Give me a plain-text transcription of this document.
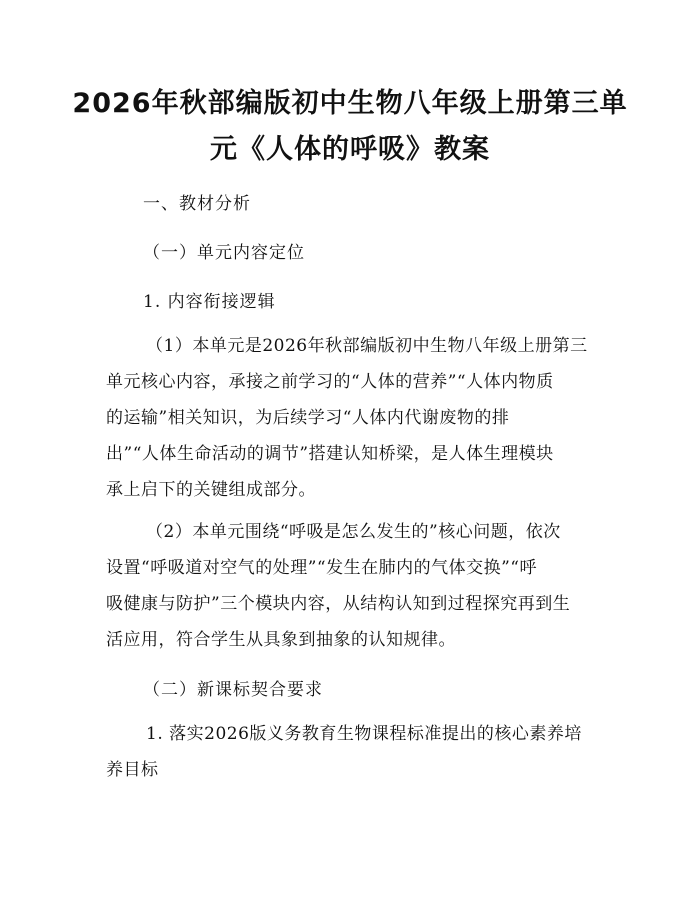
2026年秋部编版初中生物八年级上册第三单
元《人体的呼吸》教案
一、教材分析
（一）单元内容定位
1. 内容衔接逻辑
（1）本单元是2026年秋部编版初中生物八年级上册第三
单元核心内容，承接之前学习的“人体的营养”“人体内物质
的运输”相关知识，为后续学习“人体内代谢废物的排
出”“人体生命活动的调节”搭建认知桥梁，是人体生理模块
承上启下的关键组成部分。
（2）本单元围绕“呼吸是怎么发生的”核心问题，依次
设置“呼吸道对空气的处理”“发生在肺内的气体交换”“呼
吸健康与防护”三个模块内容，从结构认知到过程探究再到生
活应用，符合学生从具象到抽象的认知规律。
（二）新课标契合要求
1. 落实2026版义务教育生物课程标准提出的核心素养培
养目标
